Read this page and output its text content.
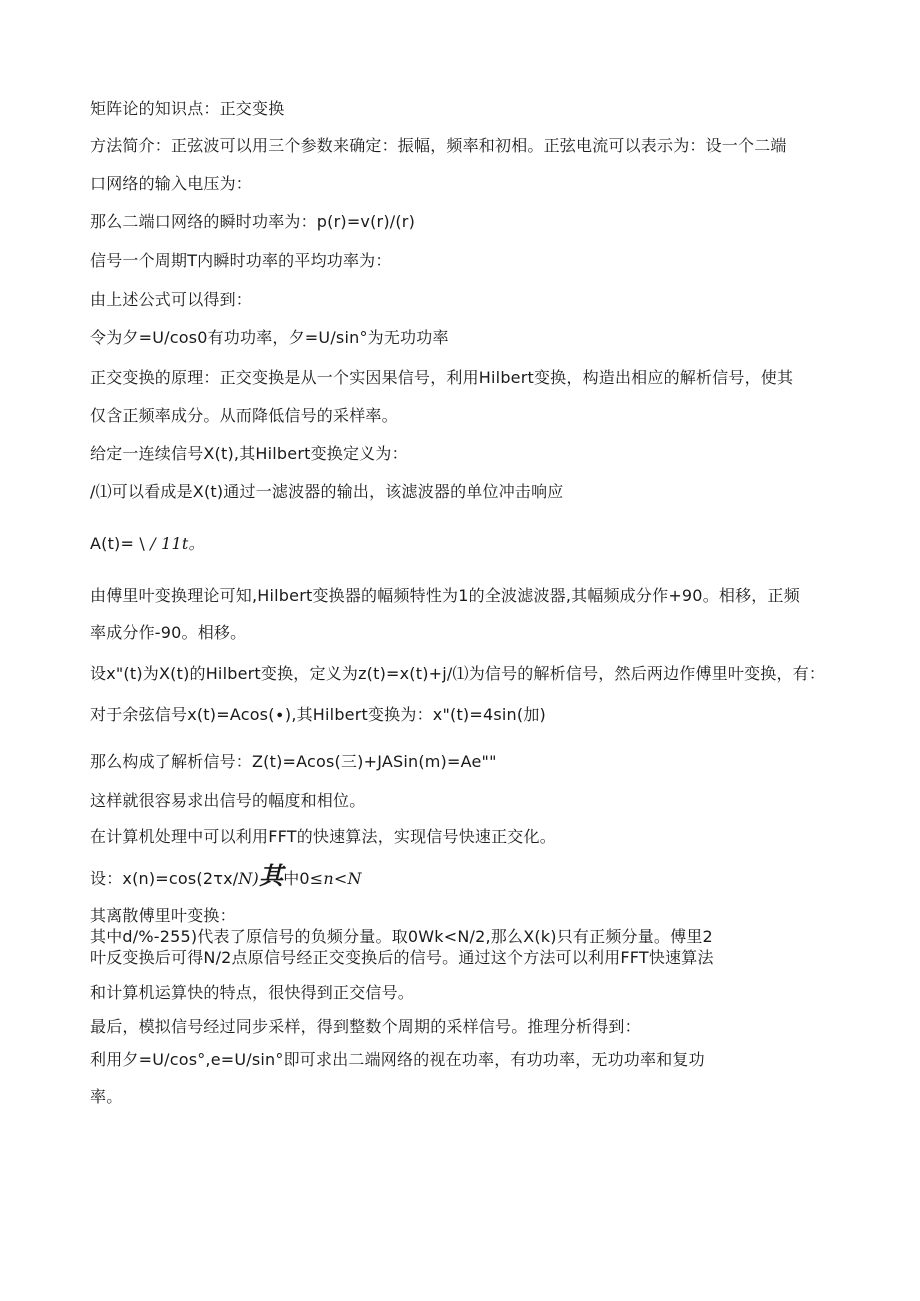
矩阵论的知识点：正交变换
方法简介：正弦波可以用三个参数来确定：振幅，频率和初相。正弦电流可以表示为：设一个二端
口网络的输入电压为：
那么二端口网络的瞬时功率为：p(r)=v(r)∕(r)
信号一个周期T内瞬时功率的平均功率为：
由上述公式可以得到：
令为夕=U∕cos0有功功率，夕=U∕sin°为无功功率
正交变换的原理：正交变换是从一个实因果信号，利用Hilbert变换，构造出相应的解析信号，使其
仅含正频率成分。从而降低信号的采样率。
给定一连续信号X(t),其Hilbert变换定义为：
/⑴可以看成是X(t)通过一滤波器的输出，该滤波器的单位冲击响应
A(t)= \ / 11t。
由傅里叶变换理论可知,Hilbert变换器的幅频特性为1的全波滤波器,其幅频成分作+90。相移，正频
率成分作-90。相移。
设x"(t)为X(t)的Hilbert变换，定义为z(t)=x(t)+j/⑴为信号的解析信号，然后两边作傅里叶变换，有：
对于余弦信号x(t)=Acos(∙),其Hilbert变换为：x"(t)=4sin(加)
那么构成了解析信号：Z(t)=Acos(三)+JASin(m)=Ae""
这样就很容易求出信号的幅度和相位。
在计算机处理中可以利用FFT的快速算法，实现信号快速正交化。
设：x(n)=cos(2τx/N)其中0≤n<N
其离散傅里叶变换：
其中d∕%-255)代表了原信号的负频分量。取0Wk<N∕2,那么X(k)只有正频分量。傅里2
叶反变换后可得N/2点原信号经正交变换后的信号。通过这个方法可以利用FFT快速算法
和计算机运算快的特点，很快得到正交信号。
最后，模拟信号经过同步采样，得到整数个周期的采样信号。推理分析得到：
利用夕=U∕cos°,e=U∕sin°即可求出二端网络的视在功率，有功功率，无功功率和复功
率。
